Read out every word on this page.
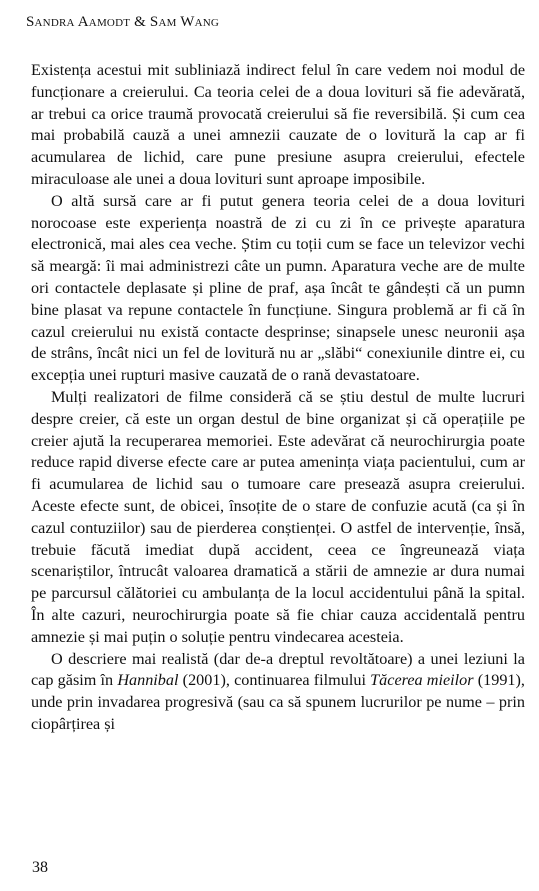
Sandra Aamodt & Sam Wang

Existența acestui mit subliniază indirect felul în care vedem noi modul de funcționare a creierului. Ca teoria celei de a doua lovituri să fie adevărată, ar trebui ca orice traumă provocată creierului să fie reversibilă. Și cum cea mai probabilă cauză a unei amnezii cauzate de o lovitură la cap ar fi acumularea de lichid, care pune presiune asupra creierului, efectele miraculoase ale unei a doua lovituri sunt aproape imposibile.

O altă sursă care ar fi putut genera teoria celei de a doua lovituri norocoase este experiența noastră de zi cu zi în ce privește aparatura electronică, mai ales cea veche. Știm cu toții cum se face un televizor vechi să meargă: îi mai administrezi câte un pumn. Aparatura veche are de multe ori contactele deplasate și pline de praf, așa încât te gândești că un pumn bine plasat va repune contactele în funcțiune. Singura problemă ar fi că în cazul creierului nu există contacte desprinse; sinapsele unesc neuronii așa de strâns, încât nici un fel de lovitură nu ar „slăbi“ conexiunile dintre ei, cu excepția unei rupturi masive cauzată de o rană devastatoare.

Mulți realizatori de filme consideră că se știu destul de multe lucruri despre creier, că este un organ destul de bine organizat și că operațiile pe creier ajută la recuperarea memoriei. Este adevărat că neurochirurgia poate reduce rapid diverse efecte care ar putea amenința viața pacientului, cum ar fi acumularea de lichid sau o tumoare care presează asupra creierului. Aceste efecte sunt, de obicei, însoțite de o stare de confuzie acută (ca și în cazul contuziilor) sau de pierderea conștienței. O astfel de intervenție, însă, trebuie făcută imediat după accident, ceea ce îngreunează viața scenariștilor, întrucât valoarea dramatică a stării de amnezie ar dura numai pe parcursul călătoriei cu ambulanța de la locul accidentului până la spital. În alte cazuri, neurochirurgia poate să fie chiar cauza accidentală pentru amnezie și mai puțin o soluție pentru vindecarea acesteia.

O descriere mai realistă (dar de-a dreptul revoltătoare) a unei leziuni la cap găsim în Hannibal (2001), continuarea filmului Tăcerea mieilor (1991), unde prin invadarea progresivă (sau ca să spunem lucrurilor pe nume – prin ciopârțirea și

38
